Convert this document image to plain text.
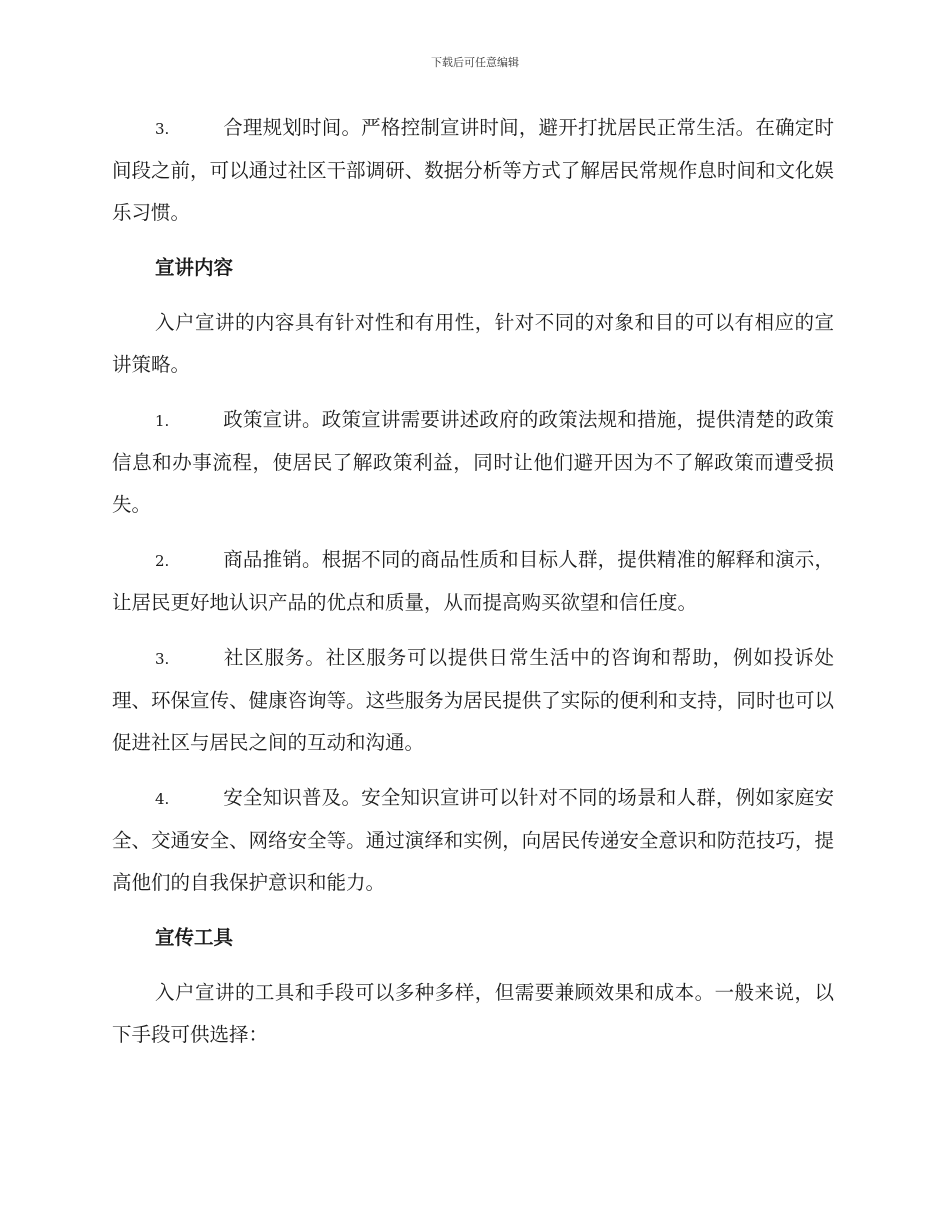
下载后可任意编辑

3.	合理规划时间。严格控制宣讲时间，避开打扰居民正常生活。在确定时间段之前，可以通过社区干部调研、数据分析等方式了解居民常规作息时间和文化娱乐习惯。

宣讲内容

入户宣讲的内容具有针对性和有用性，针对不同的对象和目的可以有相应的宣讲策略。

1.	政策宣讲。政策宣讲需要讲述政府的政策法规和措施，提供清楚的政策信息和办事流程，使居民了解政策利益，同时让他们避开因为不了解政策而遭受损失。

2.	商品推销。根据不同的商品性质和目标人群，提供精准的解释和演示，让居民更好地认识产品的优点和质量，从而提高购买欲望和信任度。

3.	社区服务。社区服务可以提供日常生活中的咨询和帮助，例如投诉处理、环保宣传、健康咨询等。这些服务为居民提供了实际的便利和支持，同时也可以促进社区与居民之间的互动和沟通。

4.	安全知识普及。安全知识宣讲可以针对不同的场景和人群，例如家庭安全、交通安全、网络安全等。通过演绎和实例，向居民传递安全意识和防范技巧，提高他们的自我保护意识和能力。

宣传工具

入户宣讲的工具和手段可以多种多样，但需要兼顾效果和成本。一般来说，以下手段可供选择：
